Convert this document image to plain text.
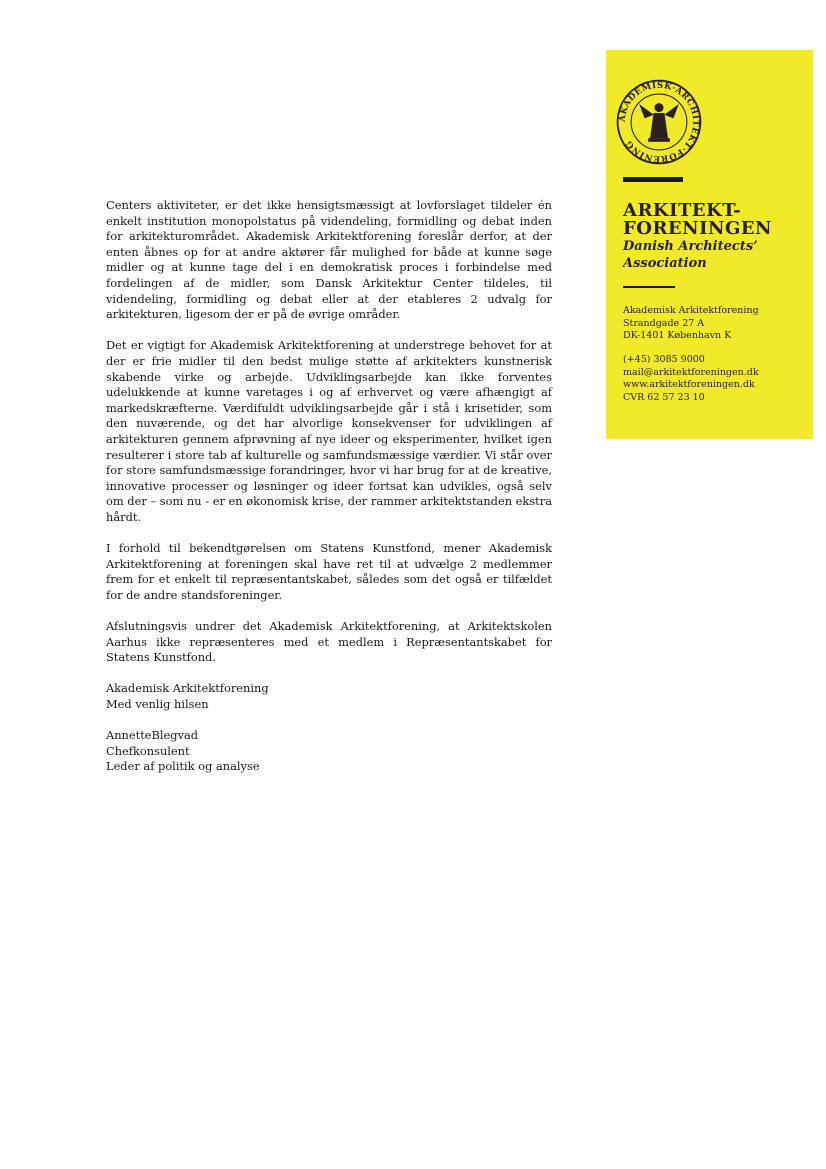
AKADEMISK·ARCHITEKT·FORENING
ARKITEKT-
FORENINGEN
Danish Architects’
Association
Akademisk Arkitektforening
Strandgade 27 A
DK-1401 København K
(+45) 3085 9000
mail@arkitektforeningen.dk
www.arkitektforeningen.dk
CVR 62 57 23 10

Centers aktiviteter, er det ikke hensigtsmæssigt at lovforslaget tildeler én enkelt institution monopolstatus på videndeling, formidling og debat inden for arkitekturområdet. Akademisk Arkitektforening foreslår derfor, at der enten åbnes op for at andre aktører får mulighed for både at kunne søge midler og at kunne tage del i en demokratisk proces i forbindelse med fordelingen af de midler, som Dansk Arkitektur Center tildeles, til videndeling, formidling og debat eller at der etableres 2 udvalg for arkitekturen, ligesom der er på de øvrige områder.

Det er vigtigt for Akademisk Arkitektforening at understrege behovet for at der er frie midler til den bedst mulige støtte af arkitekters kunstnerisk skabende virke og arbejde. Udviklingsarbejde kan ikke forventes udelukkende at kunne varetages i og af erhvervet og være afhængigt af markedskræfterne. Værdifuldt udviklingsarbejde går i stå i krisetider, som den nuværende, og det har alvorlige konsekvenser for udviklingen af arkitekturen gennem afprøvning af nye ideer og eksperimenter, hvilket igen resulterer i store tab af kulturelle og samfundsmæssige værdier. Vi står over for store samfundsmæssige forandringer, hvor vi har brug for at de kreative, innovative processer og løsninger og ideer fortsat kan udvikles, også selv om der – som nu - er en økonomisk krise, der rammer arkitektstanden ekstra hårdt.

I forhold til bekendtgørelsen om Statens Kunstfond, mener Akademisk Arkitektforening at foreningen skal have ret til at udvælge 2 medlemmer frem for et enkelt til repræsentantskabet, således som det også er tilfældet for de andre standsforeninger.

Afslutningsvis undrer det Akademisk Arkitektforening, at Arkitektskolen Aarhus ikke repræsenteres med et medlem i Repræsentantskabet for Statens Kunstfond.

Akademisk Arkitektforening
Med venlig hilsen
AnnetteBlegvad
Chefkonsulent
Leder af politik og analyse
